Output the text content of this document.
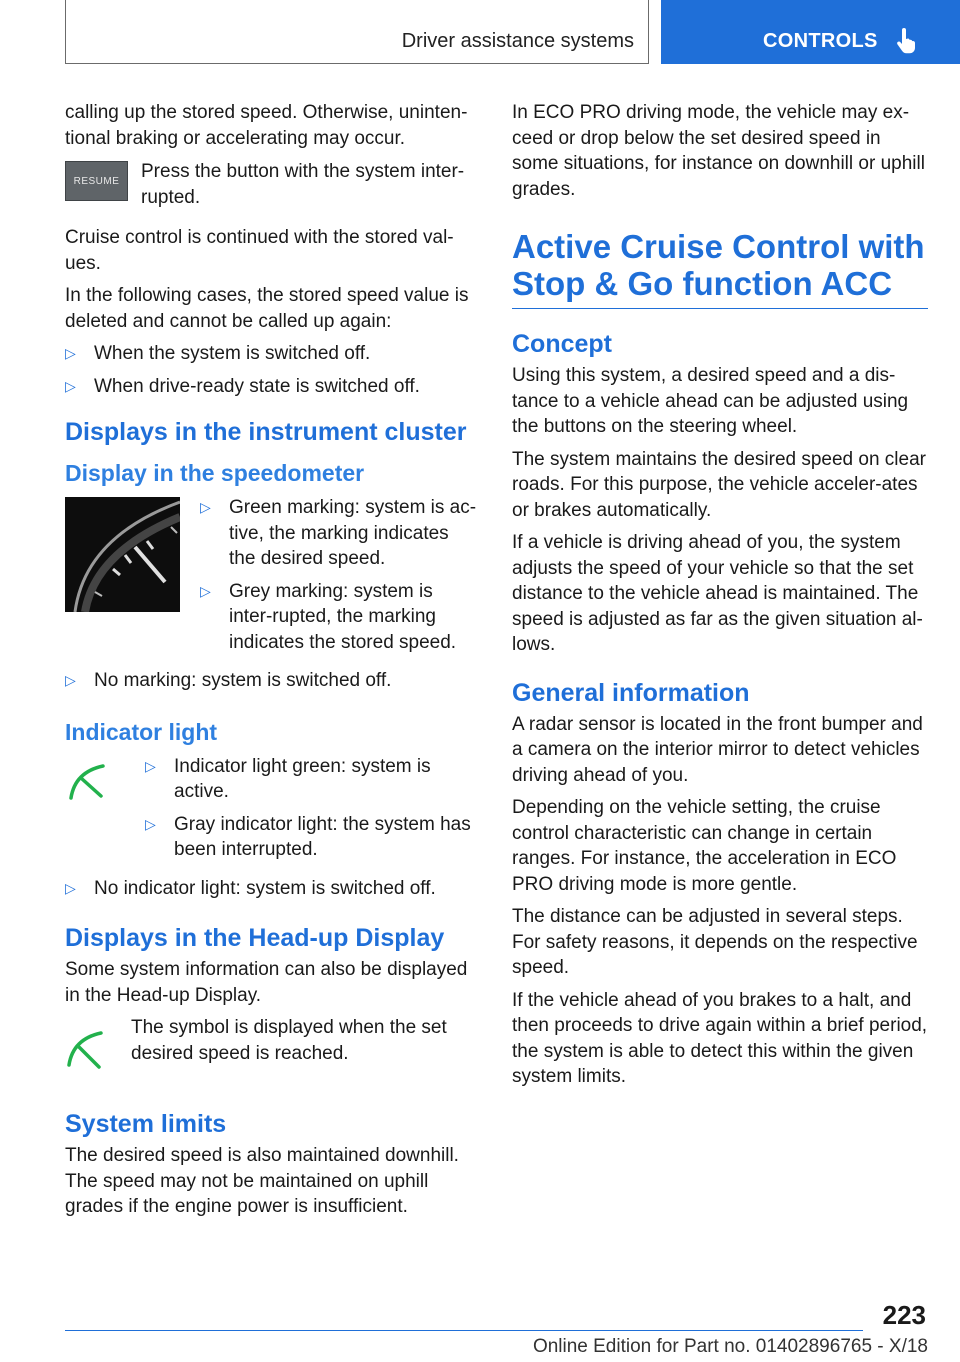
Driver assistance systems	CONTROLS

calling up the stored speed. Otherwise, uninten‐tional braking or accelerating may occur.

RESUME Press the button with the system inter‐rupted.

Cruise control is continued with the stored val‐ues.

In the following cases, the stored speed value is deleted and cannot be called up again:

▷ When the system is switched off.
▷ When drive-ready state is switched off.
Displays in the instrument cluster
Display in the speedometer
▷ Green marking: system is ac‐tive, the marking indicates the desired speed.
▷ Grey marking: system is inter‐rupted, the marking indicates the stored speed.
▷ No marking: system is switched off.
Indicator light
▷ Indicator light green: system is active.
▷ Gray indicator light: the system has been interrupted.
▷ No indicator light: system is switched off.
Displays in the Head-up Display

Some system information can also be displayed in the Head-up Display.

The symbol is displayed when the set desired speed is reached.

System limits

The desired speed is also maintained downhill. The speed may not be maintained on uphill grades if the engine power is insufficient.

In ECO PRO driving mode, the vehicle may ex‐ceed or drop below the set desired speed in some situations, for instance on downhill or uphill grades.

Active Cruise Control with Stop & Go function ACC
Concept

Using this system, a desired speed and a dis‐tance to a vehicle ahead can be adjusted using the buttons on the steering wheel.

The system maintains the desired speed on clear roads. For this purpose, the vehicle acceler‐ates or brakes automatically.

If a vehicle is driving ahead of you, the system adjusts the speed of your vehicle so that the set distance to the vehicle ahead is maintained. The speed is adjusted as far as the given situation al‐lows.

General information

A radar sensor is located in the front bumper and a camera on the interior mirror to detect vehicles driving ahead of you.

Depending on the vehicle setting, the cruise control characteristic can change in certain ranges. For instance, the acceleration in ECO PRO driving mode is more gentle.

The distance can be adjusted in several steps. For safety reasons, it depends on the respective speed.

If the vehicle ahead of you brakes to a halt, and then proceeds to drive again within a brief period, the system is able to detect this within the given system limits.

223
Online Edition for Part no. 01402896765 - X/18
